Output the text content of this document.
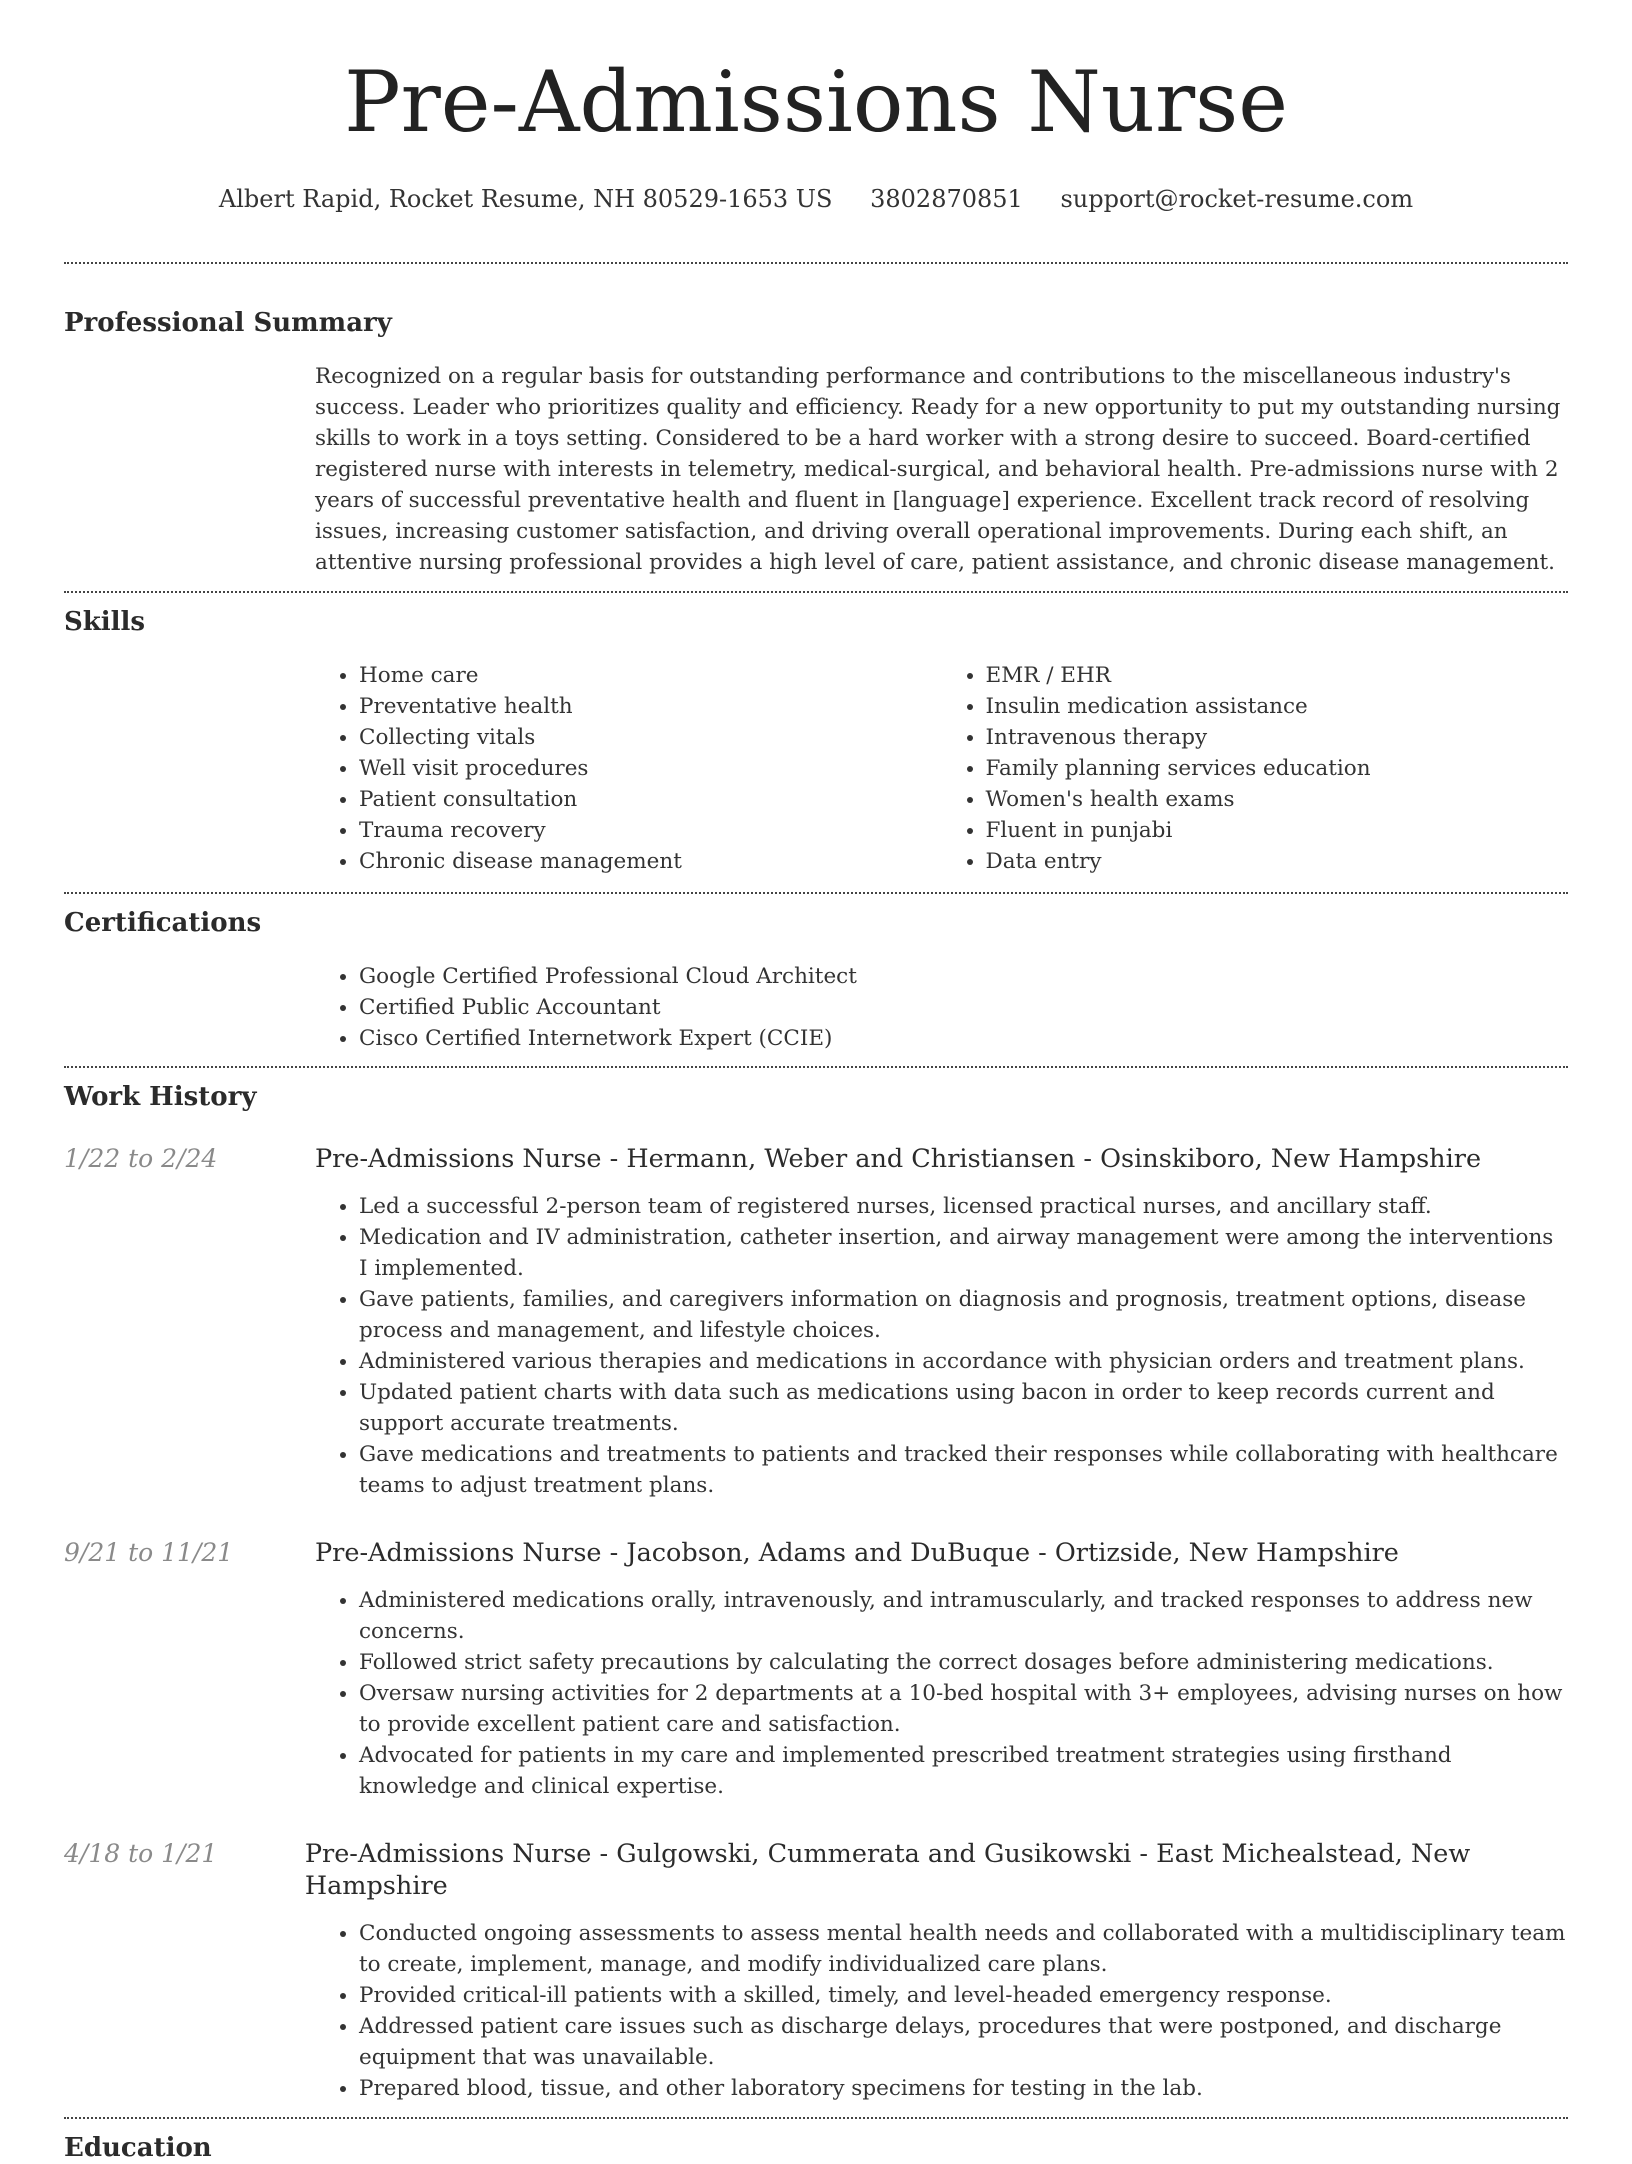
Pre-Admissions Nurse
Albert Rapid, Rocket Resume, NH 80529-1653 US 3802870851 support@rocket-resume.com
Professional Summary

Recognized on a regular basis for outstanding performance and contributions to the miscellaneous industry's success. Leader who prioritizes quality and efficiency. Ready for a new opportunity to put my outstanding nursing skills to work in a toys setting. Considered to be a hard worker with a strong desire to succeed. Board-certified registered nurse with interests in telemetry, medical-surgical, and behavioral health. Pre-admissions nurse with 2 years of successful preventative health and fluent in [language] experience. Excellent track record of resolving issues, increasing customer satisfaction, and driving overall operational improvements. During each shift, an attentive nursing professional provides a high level of care, patient assistance, and chronic disease management.

Skills
• Home care
• Preventative health
• Collecting vitals
• Well visit procedures
• Patient consultation
• Trauma recovery
• Chronic disease management
• EMR / EHR
• Insulin medication assistance
• Intravenous therapy
• Family planning services education
• Women's health exams
• Fluent in punjabi
• Data entry
Certifications
• Google Certified Professional Cloud Architect
• Certified Public Accountant
• Cisco Certified Internetwork Expert (CCIE)
Work History
1/22 to 2/24	Pre-Admissions Nurse - Hermann, Weber and Christiansen - Osinskiboro, New Hampshire
• Led a successful 2-person team of registered nurses, licensed practical nurses, and ancillary staff.
• Medication and IV administration, catheter insertion, and airway management were among the interventions I implemented.
• Gave patients, families, and caregivers information on diagnosis and prognosis, treatment options, disease process and management, and lifestyle choices.
• Administered various therapies and medications in accordance with physician orders and treatment plans.
• Updated patient charts with data such as medications using bacon in order to keep records current and support accurate treatments.
• Gave medications and treatments to patients and tracked their responses while collaborating with healthcare teams to adjust treatment plans.
9/21 to 11/21	Pre-Admissions Nurse - Jacobson, Adams and DuBuque - Ortizside, New Hampshire
• Administered medications orally, intravenously, and intramuscularly, and tracked responses to address new concerns.
• Followed strict safety precautions by calculating the correct dosages before administering medications.
• Oversaw nursing activities for 2 departments at a 10-bed hospital with 3+ employees, advising nurses on how to provide excellent patient care and satisfaction.
• Advocated for patients in my care and implemented prescribed treatment strategies using firsthand knowledge and clinical expertise.
4/18 to 1/21	Pre-Admissions Nurse - Gulgowski, Cummerata and Gusikowski - East Michealstead, New Hampshire
• Conducted ongoing assessments to assess mental health needs and collaborated with a multidisciplinary team to create, implement, manage, and modify individualized care plans.
• Provided critical-ill patients with a skilled, timely, and level-headed emergency response.
• Addressed patient care issues such as discharge delays, procedures that were postponed, and discharge equipment that was unavailable.
• Prepared blood, tissue, and other laboratory specimens for testing in the lab.
Education
